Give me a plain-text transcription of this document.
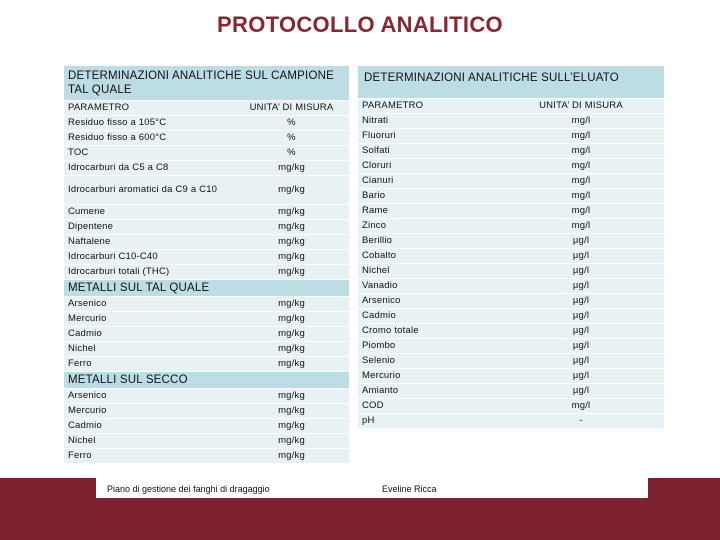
PROTOCOLLO ANALITICO
DETERMINAZIONI ANALITICHE SUL CAMPIONE TAL QUALE	
PARAMETRO	UNITA’ DI MISURA
Residuo fisso a 105°C	%
Residuo fisso a 600°C	%
TOC	%
Idrocarburi da C5 a C8	mg/kg
Idrocarburi aromatici da C9 a C10	mg/kg
Cumene	mg/kg
Dipentene	mg/kg
Naftalene	mg/kg
Idrocarburi C10-C40	mg/kg
Idrocarburi totali (THC)	mg/kg
METALLI SUL TAL QUALE	
Arsenico	mg/kg
Mercurio	mg/kg
Cadmio	mg/kg
Nichel	mg/kg
Ferro	mg/kg
METALLI SUL SECCO	
Arsenico	mg/kg
Mercurio	mg/kg
Cadmio	mg/kg
Nichel	mg/kg
Ferro	mg/kg
DETERMINAZIONI ANALITICHE SULL’ELUATO	
PARAMETRO	UNITA’ DI MISURA
Nitrati	mg/l
Fluoruri	mg/l
Solfati	mg/l
Cloruri	mg/l
Cianuri	mg/l
Bario	mg/l
Rame	mg/l
Zinco	mg/l
Berillio	µg/l
Cobalto	µg/l
Nichel	µg/l
Vanadio	µg/l
Arsenico	µg/l
Cadmio	µg/l
Cromo totale	µg/l
Piombo	µg/l
Selenio	µg/l
Mercurio	µg/l
Amianto	µg/l
COD	mg/l
pH	-
Piano di gestione dei fanghi di dragaggio	Eveline Ricca
